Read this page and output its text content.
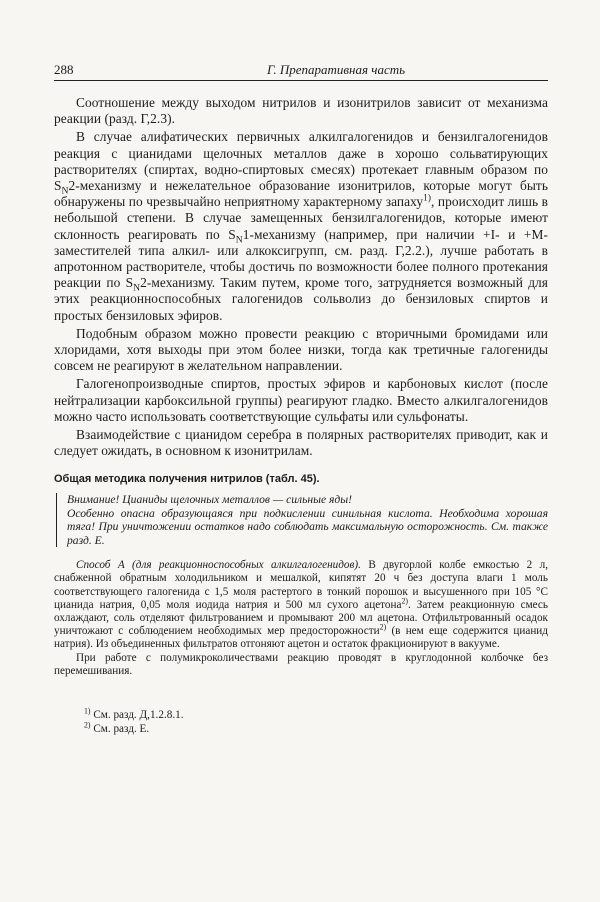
288	Г. Препаративная часть

Соотношение между выходом нитрилов и изонитрилов зависит от механизма реакции (разд. Г,2.3).

В случае алифатических первичных алкилгалогенидов и бензилгалогенидов реакция с цианидами щелочных металлов даже в хорошо сольватирующих растворителях (спиртах, водно-спиртовых смесях) протекает главным образом по $S_N2$-механизму и нежелательное образование изонитрилов, которые могут быть обнаружены по чрезвычайно неприятному характерному запаху$^{1)}$, происходит лишь в небольшой степени. В случае замещенных бензилгалогенидов, которые имеют склонность реагировать по $S_N1$-механизму (например, при наличии +I- и +M-заместителей типа алкил- или алкоксигрупп, см. разд. Г,2.2.), лучше работать в апротонном растворителе, чтобы достичь по возможности более полного протекания реакции по $S_N2$-механизму. Таким путем, кроме того, затрудняется возможный для этих реакционноспособных галогенидов сольволиз до бензиловых спиртов и простых бензиловых эфиров.

Подобным образом можно провести реакцию с вторичными бромидами или хлоридами, хотя выходы при этом более низки, тогда как третичные галогениды совсем не реагируют в желательном направлении.

Галогенопроизводные спиртов, простых эфиров и карбоновых кислот (после нейтрализации карбоксильной группы) реагируют гладко. Вместо алкилгалогенидов можно часто использовать соответствующие сульфаты или сульфонаты.

Взаимодействие с цианидом серебра в полярных растворителях приводит, как и следует ожидать, в основном к изонитрилам.

Общая методика получения нитрилов (табл. 45).

Внимание! Цианиды щелочных металлов — сильные яды!

Особенно опасна образующаяся при подкислении синильная кислота. Необходима хорошая тяга! При уничтожении остатков надо соблюдать максимальную осторожность. См. также разд. Е.

Способ А (для реакционноспособных алкилгалогенидов). В двугорлой колбе емкостью 2 л, снабженной обратным холодильником и мешалкой, кипятят 20 ч без доступа влаги 1 моль соответствующего галогенида с 1,5 моля растертого в тонкий порошок и высушенного при 105 °C цианида натрия, 0,05 моля иодида натрия и 500 мл сухого ацетона$^{2)}$. Затем реакционную смесь охлаждают, соль отделяют фильтрованием и промывают 200 мл ацетона. Отфильтрованный осадок уничтожают с соблюдением необходимых мер предосторожности$^{2)}$ (в нем еще содержится цианид натрия). Из объединенных фильтратов отгоняют ацетон и остаток фракционируют в вакууме.

При работе с полумикроколичествами реакцию проводят в круглодонной колбочке без перемешивания.

$^{1)}$ См. разд. Д,1.2.8.1.
$^{2)}$ См. разд. Е.
